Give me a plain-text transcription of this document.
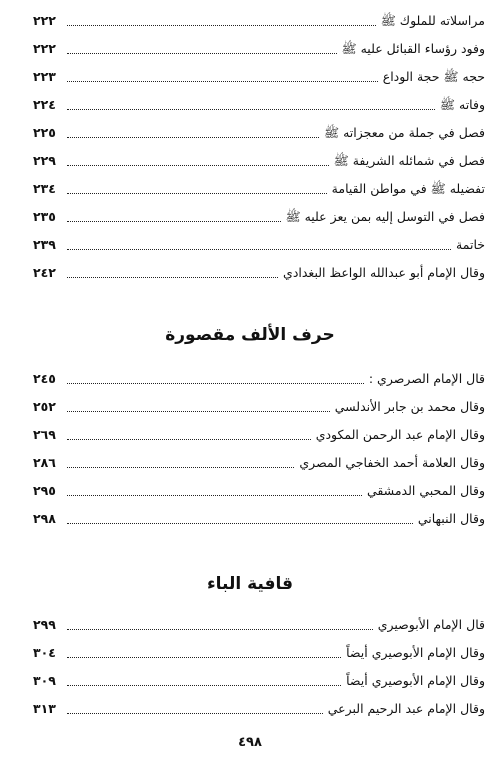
مراسلاته للملوك ﷺ
٢٢٢
وفود رؤساء القبائل عليه ﷺ
٢٢٢
حجه ﷺ حجة الوداع
٢٢٣
وفاته ﷺ
٢٢٤
فصل في جملة من معجزاته ﷺ
٢٢٥
فصل في شمائله الشريفة ﷺ
٢٢٩
تفضيله ﷺ في مواطن القيامة
٢٣٤
فصل في التوسل إليه بمن يعز عليه ﷺ
٢٣٥
خاتمة
٢٣٩
وقال الإمام أبو عبدالله الواعظ البغدادي
٢٤٢
حرف الألف مقصورة
قال الإمام الصرصري :
٢٤٥
وقال محمد بن جابر الأندلسي
٢٥٢
وقال الإمام عبد الرحمن المكودي
٢٦٩
وقال العلامة أحمد الخفاجي المصري
٢٨٦
وقال المحبي الدمشقي
٢٩٥
وقال النبهاني
٢٩٨
قافية الباء
قال الإمام الأبوصيري
٢٩٩
وقال الإمام الأبوصيري أيضاً
٣٠٤
وقال الإمام الأبوصيري أيضاً
٣٠٩
وقال الإمام عبد الرحيم البرعي
٣١٣
٤٩٨
